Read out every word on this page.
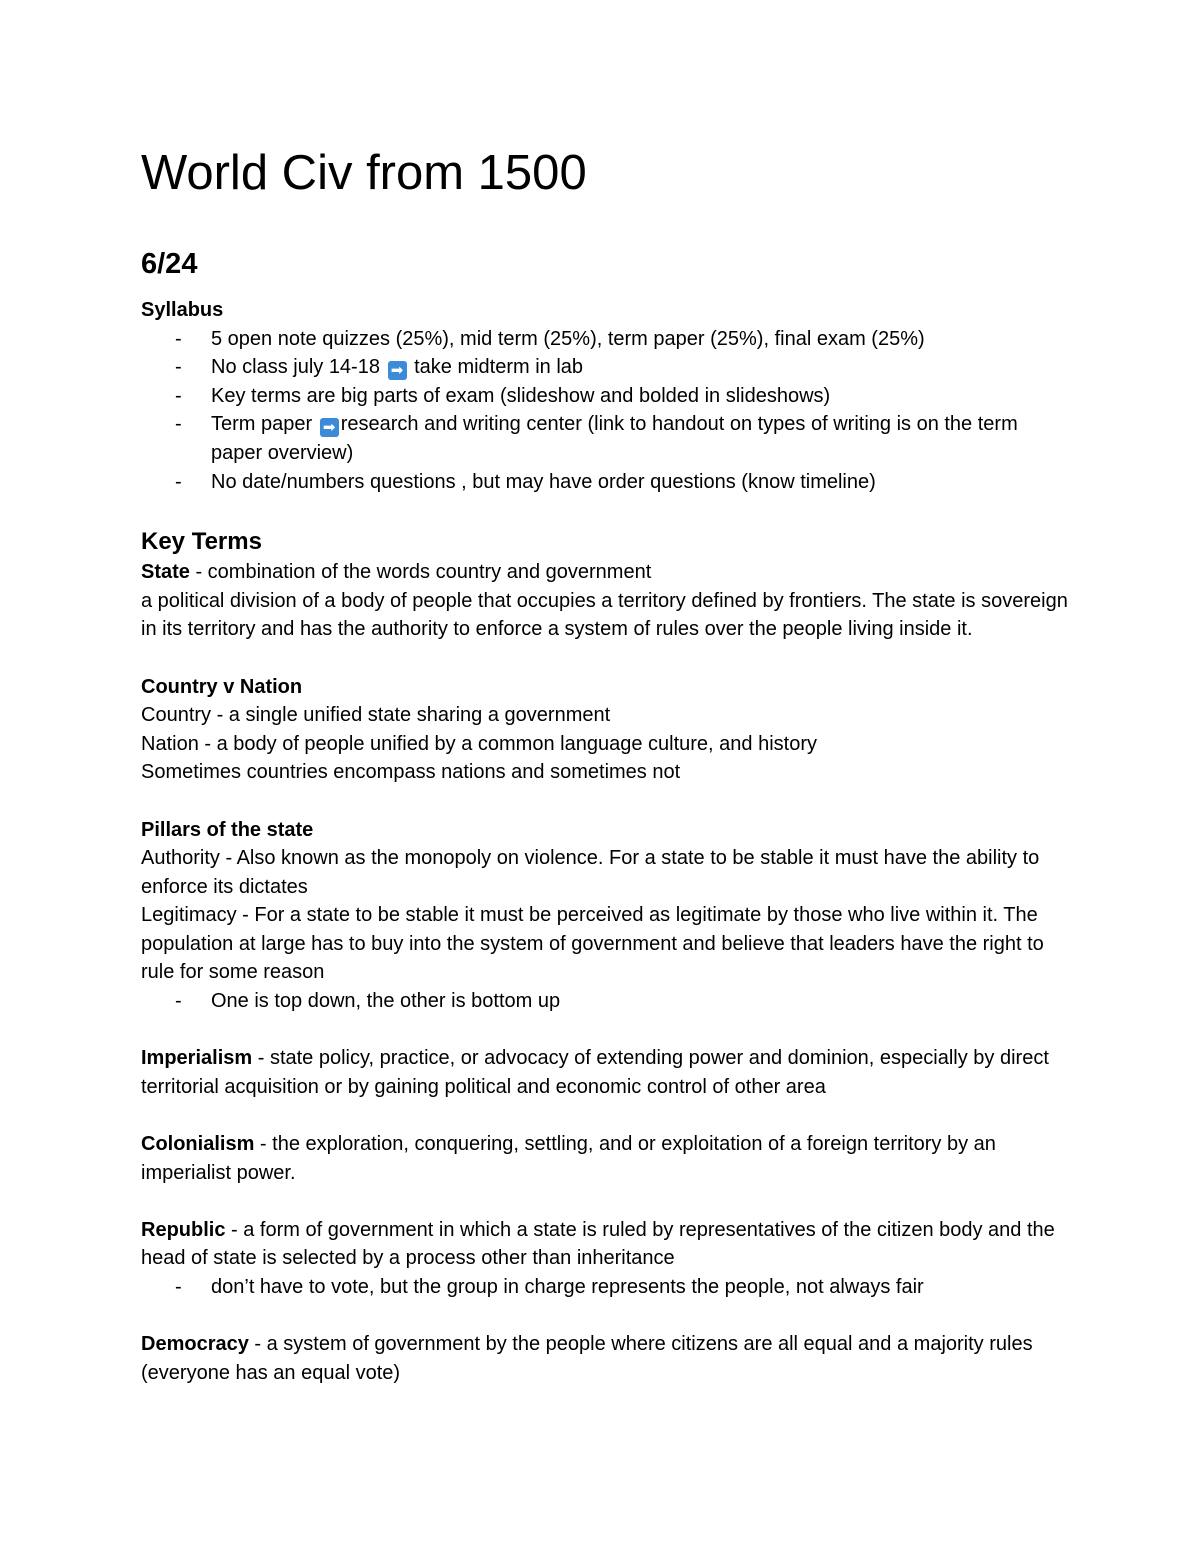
World Civ from 1500
6/24
Syllabus
- 5 open note quizzes (25%), mid term (25%), term paper (25%), final exam (25%)
- No class july 14-18 ➡ take midterm in lab
- Key terms are big parts of exam (slideshow and bolded in slideshows)
- Term paper ➡ research and writing center (link to handout on types of writing is on the term paper overview)
- No date/numbers questions , but may have order questions (know timeline)
Key Terms
State - combination of the words country and government
a political division of a body of people that occupies a territory defined by frontiers. The state is sovereign in its territory and has the authority to enforce a system of rules over the people living inside it.
Country v Nation
Country - a single unified state sharing a government
Nation - a body of people unified by a common language culture, and history
Sometimes countries encompass nations and sometimes not
Pillars of the state
Authority - Also known as the monopoly on violence. For a state to be stable it must have the ability to enforce its dictates
Legitimacy - For a state to be stable it must be perceived as legitimate by those who live within it. The population at large has to buy into the system of government and believe that leaders have the right to rule for some reason
- One is top down, the other is bottom up
Imperialism - state policy, practice, or advocacy of extending power and dominion, especially by direct territorial acquisition or by gaining political and economic control of other area
Colonialism - the exploration, conquering, settling, and or exploitation of a foreign territory by an imperialist power.
Republic - a form of government in which a state is ruled by representatives of the citizen body and the head of state is selected by a process other than inheritance
- don’t have to vote, but the group in charge represents the people, not always fair
Democracy - a system of government by the people where citizens are all equal and a majority rules (everyone has an equal vote)
